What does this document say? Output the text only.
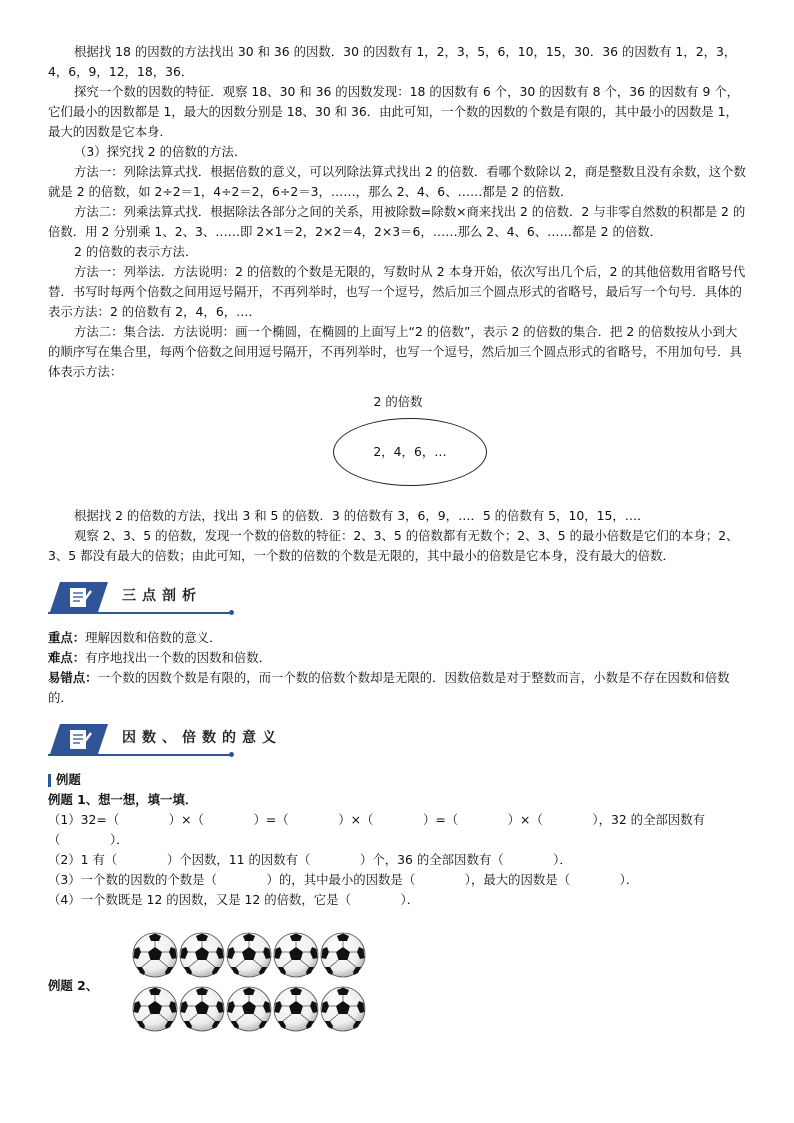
根据找 18 的因数的方法找出 30 和 36 的因数．30 的因数有 1，2，3，5，6，10，15，30．36 的因数有 1，2，3，4，6，9，12，18，36．

探究一个数的因数的特征．观察 18、30 和 36 的因数发现：18 的因数有 6 个，30 的因数有 8 个，36 的因数有 9 个，它们最小的因数都是 1，最大的因数分别是 18、30 和 36．由此可知，一个数的因数的个数是有限的，其中最小的因数是 1，最大的因数是它本身．

（3）探究找 2 的倍数的方法．

方法一：列除法算式找．根据倍数的意义，可以列除法算式找出 2 的倍数．看哪个数除以 2，商是整数且没有余数，这个数就是 2 的倍数，如 2÷2＝1，4÷2＝2，6÷2＝3，……，那么 2、4、6、……都是 2 的倍数．

方法二：列乘法算式找．根据除法各部分之间的关系，用被除数=除数×商来找出 2 的倍数．2 与非零自然数的积都是 2 的倍数．用 2 分别乘 1、2、3、……即 2×1＝2，2×2＝4，2×3＝6，……那么 2、4、6、……都是 2 的倍数．

2 的倍数的表示方法．

方法一：列举法．方法说明：2 的倍数的个数是无限的，写数时从 2 本身开始，依次写出几个后，2 的其他倍数用省略号代替．书写时每两个倍数之间用逗号隔开，不再列举时，也写一个逗号，然后加三个圆点形式的省略号，最后写一个句号．具体的表示方法：2 的倍数有 2，4，6，…．

方法二：集合法．方法说明：画一个椭圆，在椭圆的上面写上“2 的倍数”，表示 2 的倍数的集合．把 2 的倍数按从小到大的顺序写在集合里，每两个倍数之间用逗号隔开，不再列举时，也写一个逗号，然后加三个圆点形式的省略号，不用加句号．具体表示方法：

2 的倍数

2，4，6，…

根据找 2 的倍数的方法，找出 3 和 5 的倍数．3 的倍数有 3，6，9，…．5 的倍数有 5，10，15，…．

观察 2、3、5 的倍数，发现一个数的倍数的特征：2、3、5 的倍数都有无数个；2、3、5 的最小倍数是它们的本身；2、3、5 都没有最大的倍数；由此可知，一个数的倍数的个数是无限的，其中最小的倍数是它本身，没有最大的倍数．

三点剖析

重点：理解因数和倍数的意义．

难点：有序地找出一个数的因数和倍数．

易错点：一个数的因数个数是有限的，而一个数的倍数个数却是无限的．因数倍数是对于整数而言，小数是不存在因数和倍数的．

因数、倍数的意义

例题

例题 1、想一想，填一填．

（1）32=（　　　　）×（　　　　）=（　　　　）×（　　　　）=（　　　　）×（　　　　），32 的全部因数有（　　　　）．

（2）1 有（　　　　）个因数，11 的因数有（　　　　）个，36 的全部因数有（　　　　）．

（3）一个数的因数的个数是（　　　　）的，其中最小的因数是（　　　　），最大的因数是（　　　　）．

（4）一个数既是 12 的因数，又是 12 的倍数，它是（　　　　）．

例题 2、
